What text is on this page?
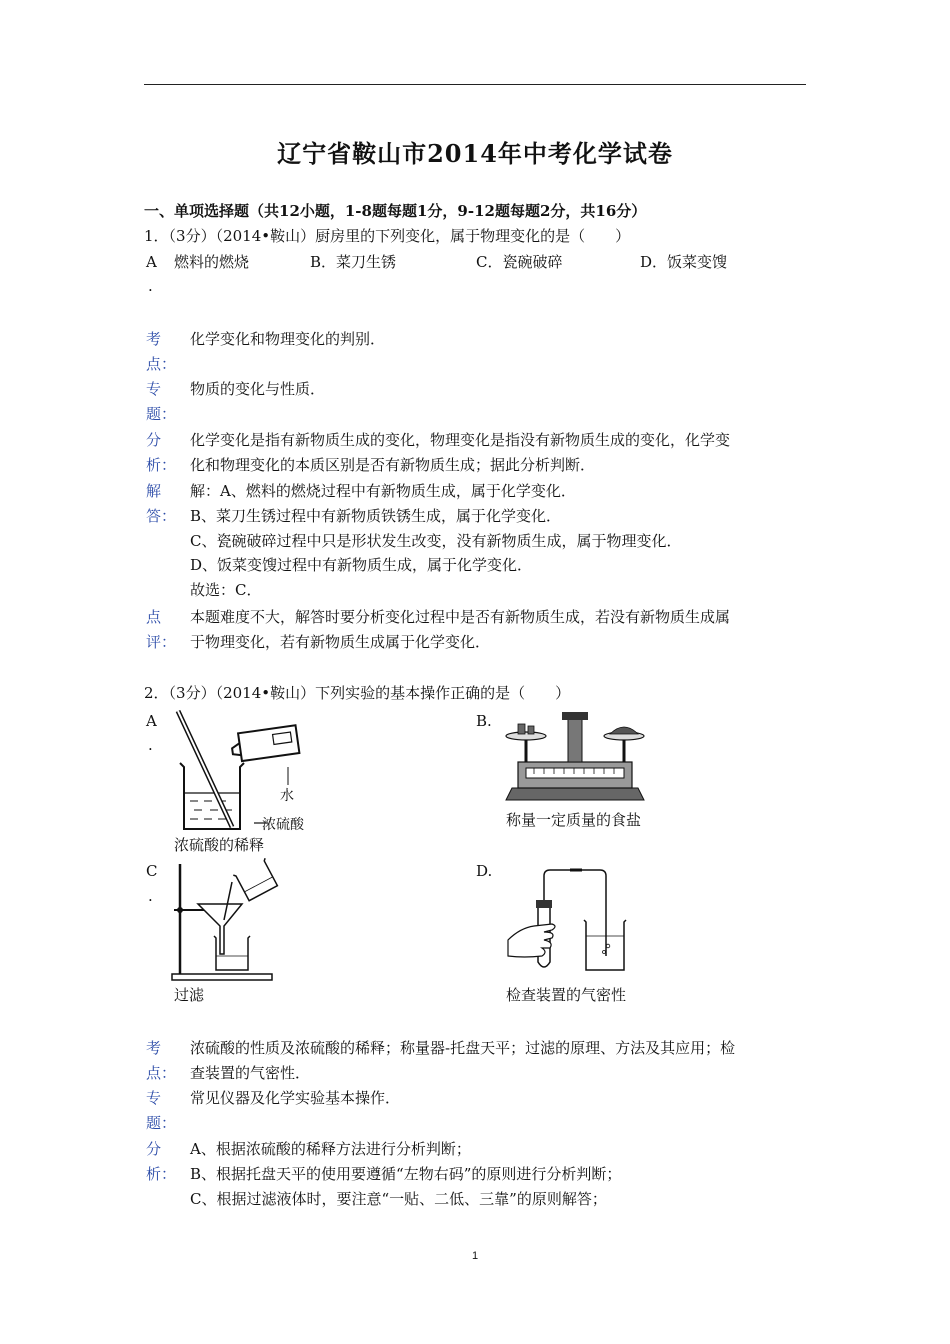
辽宁省鞍山市2014年中考化学试卷
一、单项选择题（共12小题，1-8题每题1分，9-12题每题2分，共16分）
1．（3分）（2014•鞍山）厨房里的下列变化，属于物理变化的是（　　）
A
.
燃料的燃烧	B．菜刀生锈	C．瓷碗破碎	D．饭菜变馊
考
点：
化学变化和物理变化的判别．
专
题：
物质的变化与性质．
分
析：
化学变化是指有新物质生成的变化，物理变化是指没有新物质生成的变化，化学变
化和物理变化的本质区别是否有新物质生成；据此分析判断．
解
答：
解：A、燃料的燃烧过程中有新物质生成，属于化学变化．
B、菜刀生锈过程中有新物质铁锈生成，属于化学变化．
C、瓷碗破碎过程中只是形状发生改变，没有新物质生成，属于物理变化．
D、饭菜变馊过程中有新物质生成，属于化学变化．
故选：C．
点
评：
本题难度不大，解答时要分析变化过程中是否有新物质生成，若没有新物质生成属
于物理变化，若有新物质生成属于化学变化．
2．（3分）（2014•鞍山）下列实验的基本操作正确的是（　　）
A
.
B.
C
.
D.
水
浓硫酸
浓硫酸的稀释
称量一定质量的食盐
过滤	检查装置的气密性
考
点：
浓硫酸的性质及浓硫酸的稀释；称量器-托盘天平；过滤的原理、方法及其应用；检
查装置的气密性．
专
题：
常见仪器及化学实验基本操作．
分
析：
A、根据浓硫酸的稀释方法进行分析判断；
B、根据托盘天平的使用要遵循“左物右码”的原则进行分析判断；
C、根据过滤液体时，要注意“一贴、二低、三靠”的原则解答；
1
